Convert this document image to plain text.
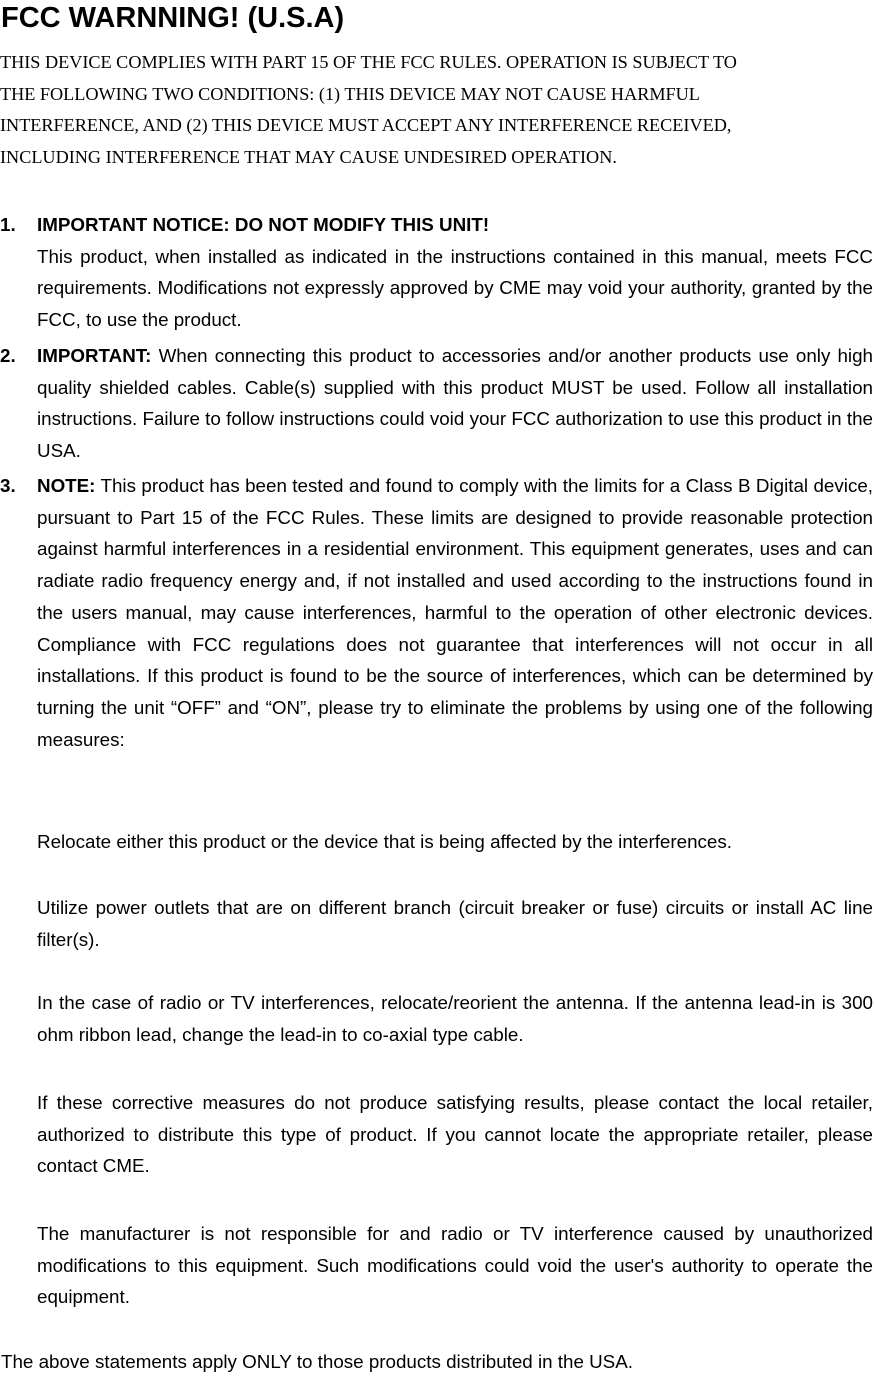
FCC WARNNING! (U.S.A)
THIS DEVICE COMPLIES WITH PART 15 OF THE FCC RULES. OPERATION IS SUBJECT TO
THE FOLLOWING TWO CONDITIONS: (1) THIS DEVICE MAY NOT CAUSE HARMFUL
INTERFERENCE, AND (2) THIS DEVICE MUST ACCEPT ANY INTERFERENCE RECEIVED,
INCLUDING INTERFERENCE THAT MAY CAUSE UNDESIRED OPERATION.
1. IMPORTANT NOTICE: DO NOT MODIFY THIS UNIT!
This product, when installed as indicated in the instructions contained in this manual, meets FCC requirements. Modifications not expressly approved by CME may void your authority, granted by the FCC, to use the product.
2. IMPORTANT: When connecting this product to accessories and/or another products use only high quality shielded cables. Cable(s) supplied with this product MUST be used. Follow all installation instructions. Failure to follow instructions could void your FCC authorization to use this product in the USA.
3. NOTE: This product has been tested and found to comply with the limits for a Class B Digital device, pursuant to Part 15 of the FCC Rules. These limits are designed to provide reasonable protection against harmful interferences in a residential environment. This equipment generates, uses and can radiate radio frequency energy and, if not installed and used according to the instructions found in the users manual, may cause interferences, harmful to the operation of other electronic devices. Compliance with FCC regulations does not guarantee that interferences will not occur in all installations. If this product is found to be the source of interferences, which can be determined by turning the unit “OFF” and “ON”, please try to eliminate the problems by using one of the following measures:
Relocate either this product or the device that is being affected by the interferences.
Utilize power outlets that are on different branch (circuit breaker or fuse) circuits or install AC line filter(s).
In the case of radio or TV interferences, relocate/reorient the antenna. If the antenna lead-in is 300 ohm ribbon lead, change the lead-in to co-axial type cable.
If these corrective measures do not produce satisfying results, please contact the local retailer, authorized to distribute this type of product. If you cannot locate the appropriate retailer, please contact CME.
The manufacturer is not responsible for and radio or TV interference caused by unauthorized modifications to this equipment. Such modifications could void the user's authority to operate the equipment.
The above statements apply ONLY to those products distributed in the USA.
